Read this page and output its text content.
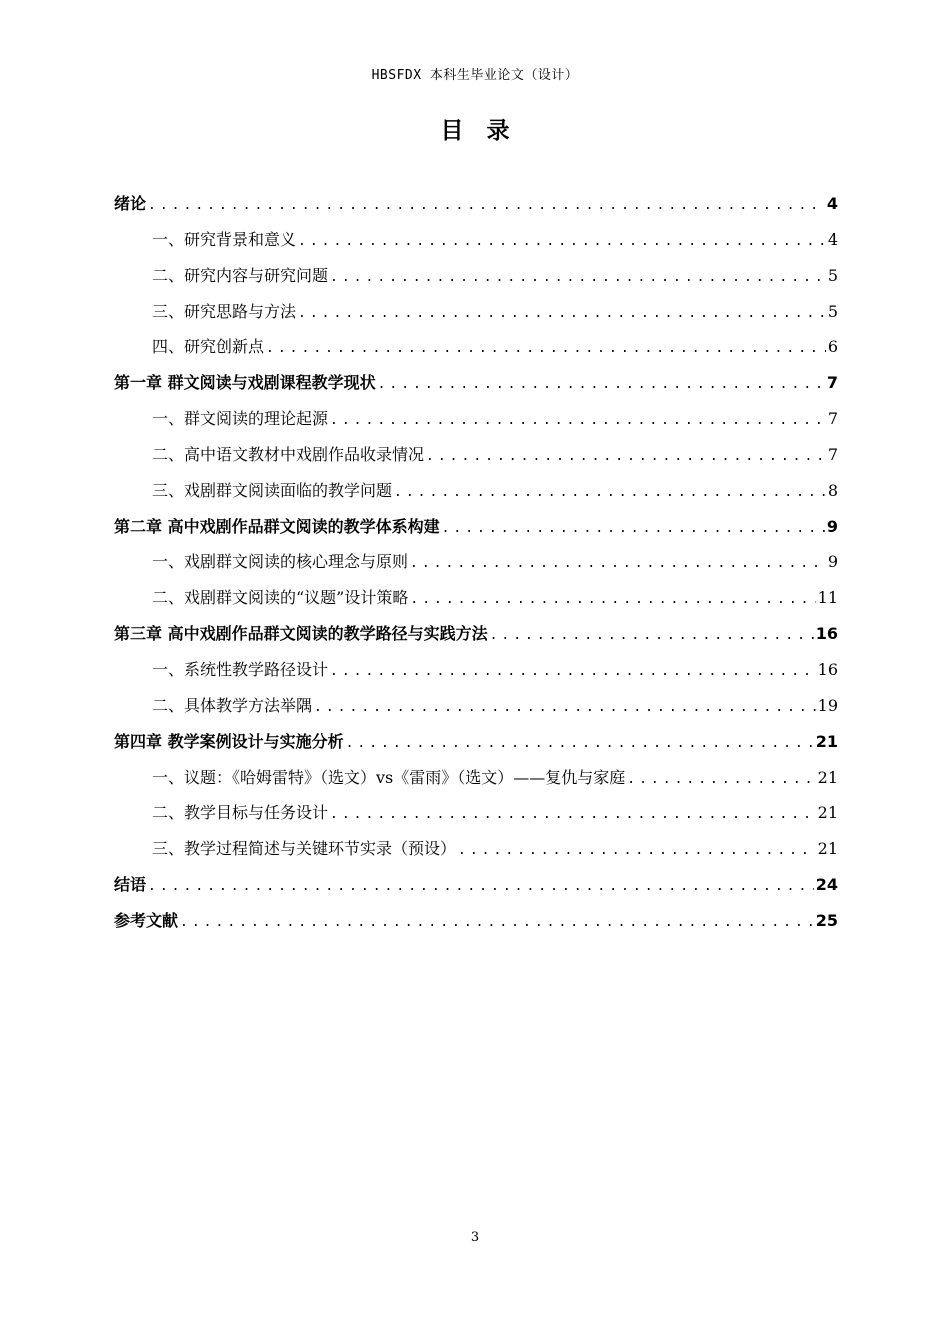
HBSFDX 本科生毕业论文（设计）
目　录
绪论 .....	4
一、研究背景和意义 .....	4
二、研究内容与研究问题 .....	5
三、研究思路与方法 .....	5
四、研究创新点 .....	6
第一章 群文阅读与戏剧课程教学现状 .....	7
一、群文阅读的理论起源 .....	7
二、高中语文教材中戏剧作品收录情况 .....	7
三、戏剧群文阅读面临的教学问题 .....	8
第二章 高中戏剧作品群文阅读的教学体系构建 .....	9
一、戏剧群文阅读的核心理念与原则 .....	9
二、戏剧群文阅读的“议题”设计策略 .....	11
第三章 高中戏剧作品群文阅读的教学路径与实践方法 .....	16
一、系统性教学路径设计 .....	16
二、具体教学方法举隅 .....	19
第四章 教学案例设计与实施分析 .....	21
一、议题：《哈姆雷特》（选文）vs《雷雨》（选文）——复仇与家庭 .....	21
二、教学目标与任务设计 .....	21
三、教学过程简述与关键环节实录（预设） .....	21
结语 .....	24
参考文献 .....	25
3
